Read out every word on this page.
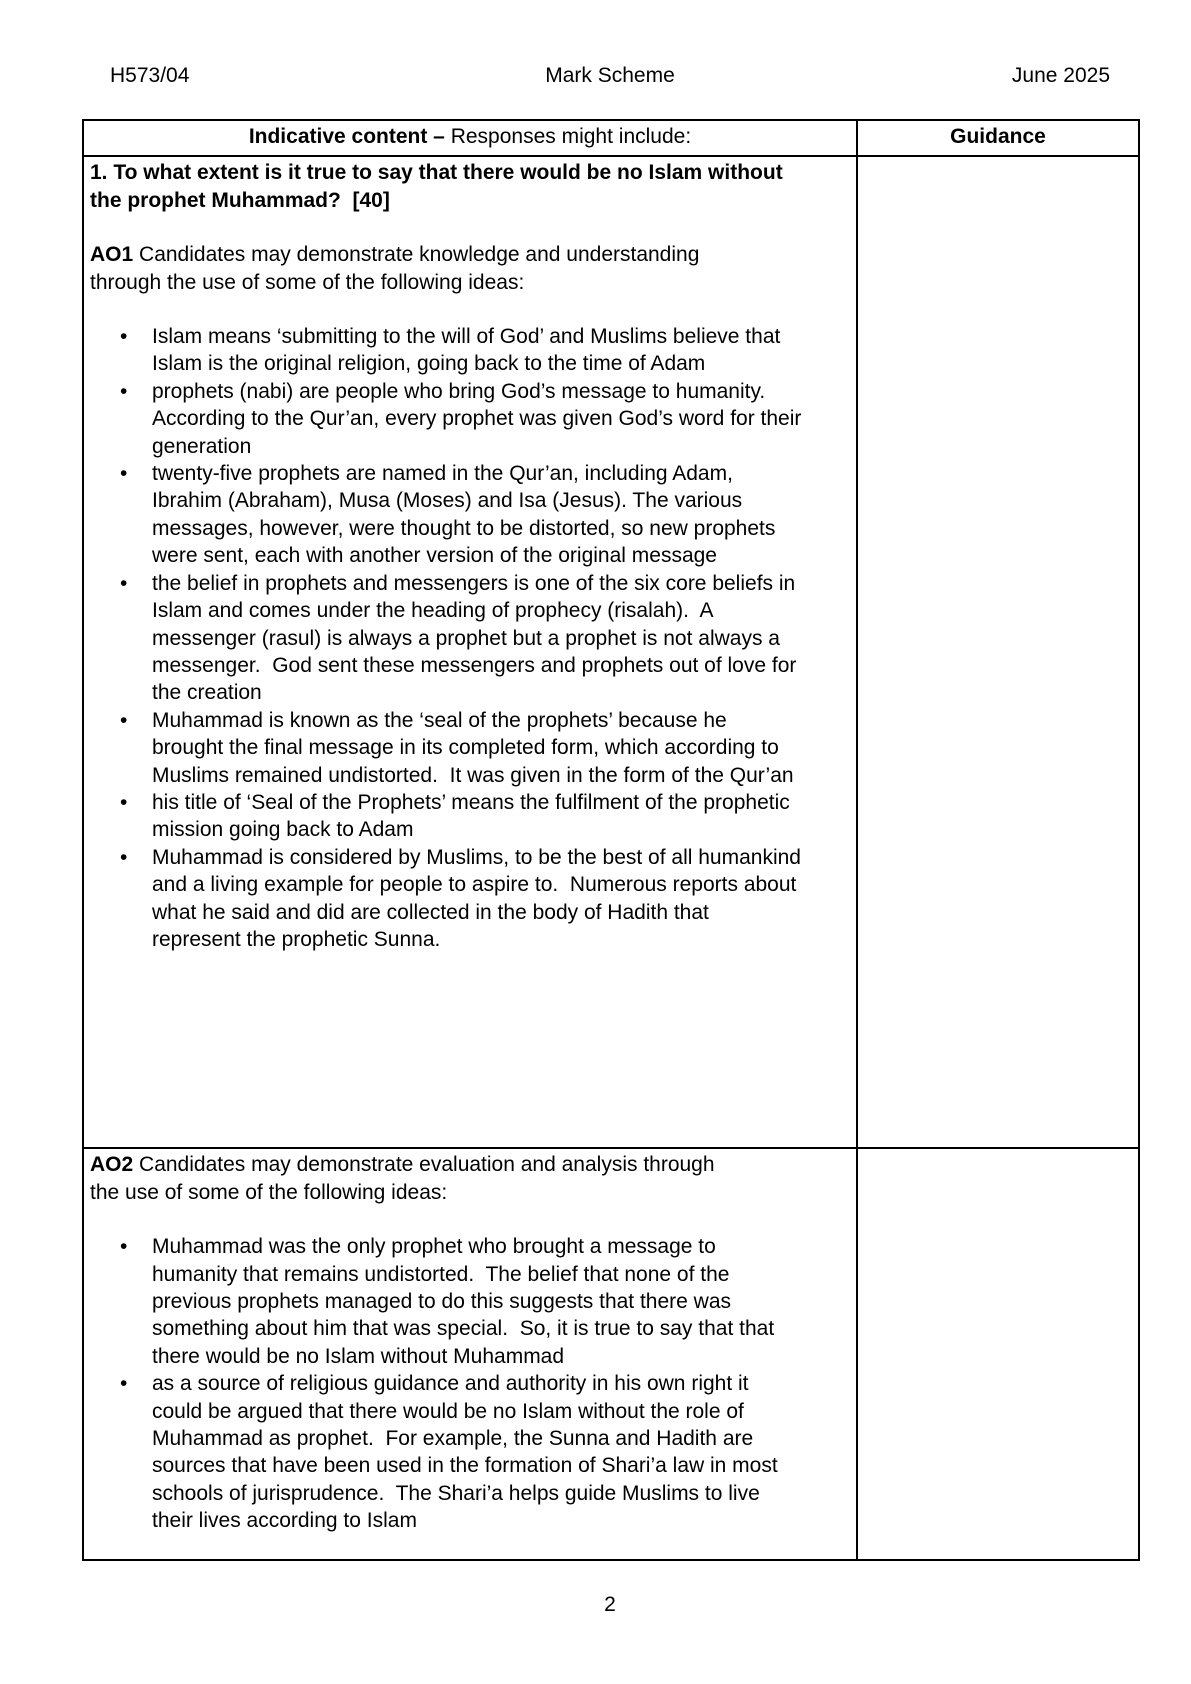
H573/04	Mark Scheme	June 2025
Indicative content – Responses might include:	Guidance

1. To what extent is it true to say that there would be no Islam without the prophet Muhammad?  [40]

AO1 Candidates may demonstrate knowledge and understanding through the use of some of the following ideas:

•	Islam means ‘submitting to the will of God’ and Muslims believe that Islam is the original religion, going back to the time of Adam
•	prophets (nabi) are people who bring God’s message to humanity. According to the Qur’an, every prophet was given God’s word for their generation
•	twenty-five prophets are named in the Qur’an, including Adam, Ibrahim (Abraham), Musa (Moses) and Isa (Jesus). The various messages, however, were thought to be distorted, so new prophets were sent, each with another version of the original message
•	the belief in prophets and messengers is one of the six core beliefs in Islam and comes under the heading of prophecy (risalah).  A messenger (rasul) is always a prophet but a prophet is not always a messenger.  God sent these messengers and prophets out of love for the creation
•	Muhammad is known as the ‘seal of the prophets’ because he brought the final message in its completed form, which according to Muslims remained undistorted.  It was given in the form of the Qur’an
•	his title of ‘Seal of the Prophets’ means the fulfilment of the prophetic mission going back to Adam
•	Muhammad is considered by Muslims, to be the best of all humankind and a living example for people to aspire to.  Numerous reports about what he said and did are collected in the body of Hadith that represent the prophetic Sunna.

AO2 Candidates may demonstrate evaluation and analysis through the use of some of the following ideas:

•	Muhammad was the only prophet who brought a message to humanity that remains undistorted.  The belief that none of the previous prophets managed to do this suggests that there was something about him that was special.  So, it is true to say that that there would be no Islam without Muhammad
•	as a source of religious guidance and authority in his own right it could be argued that there would be no Islam without the role of Muhammad as prophet.  For example, the Sunna and Hadith are sources that have been used in the formation of Shari’a law in most schools of jurisprudence.  The Shari’a helps guide Muslims to live their lives according to Islam

2
